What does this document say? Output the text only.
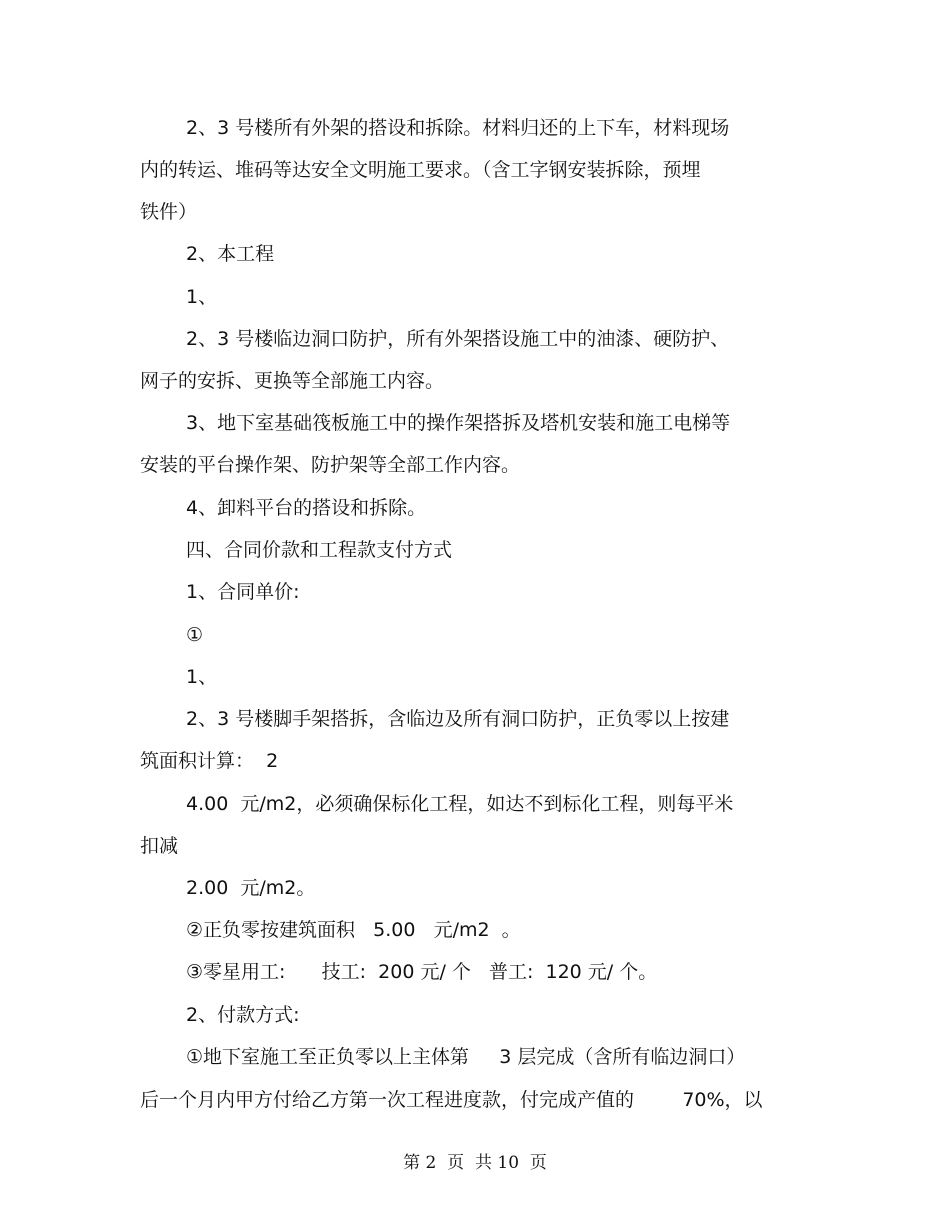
2、3 号楼所有外架的搭设和拆除。材料归还的上下车，材料现场
内的转运、堆码等达安全文明施工要求。（含工字钢安装拆除，预埋
铁件）
2、本工程
1、
2、3 号楼临边洞口防护，所有外架搭设施工中的油漆、硬防护、
网子的安拆、更换等全部施工内容。
3、地下室基础筏板施工中的操作架搭拆及塔机安装和施工电梯等
安装的平台操作架、防护架等全部工作内容。
4、卸料平台的搭设和拆除。
四、合同价款和工程款支付方式
1、合同单价:
①
1、
2、3 号楼脚手架搭拆，含临边及所有洞口防护，正负零以上按建
筑面积计算：  2
4.00  元/m2，必须确保标化工程，如达不到标化工程，则每平米
扣减
2.00  元/m2。
②正负零按建筑面积   5.00   元/m2  。
③零星用工:      技工:  200 元/ 个   普工:  120 元/ 个。
2、付款方式:
①地下室施工至正负零以上主体第     3 层完成（含所有临边洞口）
后一个月内甲方付给乙方第一次工程进度款，付完成产值的        70%，以
第 2  页  共 10  页
